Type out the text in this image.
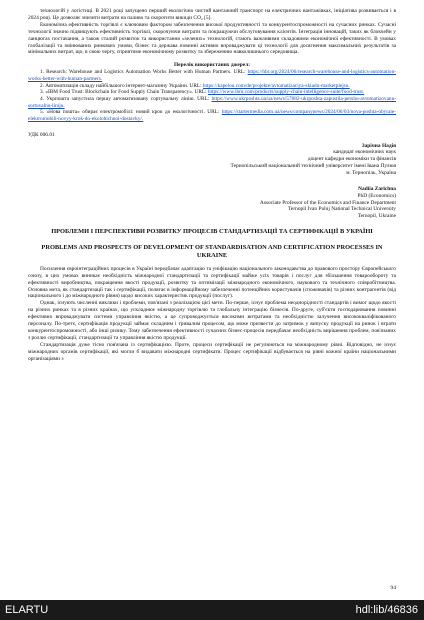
технологій у логістиці. В 2021 році запущено перший екологічно чистий вантажний транспорт на електричних вантажівках, ініціатива розвивається і в 2024 році. Це дозволяє знизити витрати на паливо та скоротити викиди CO₂ [5].

Економічна ефективність торгівлі є ключовим фактором забезпечення високої продуктивності та конкурентоспроможності на сучасних ринках. Сучасні технології значно підвищують ефективність торгівлі, скорочуючи витрати та покращуючи обслуговування клієнтів. Інтеграція інновацій, таких як блокчейн у ланцюгах постачання, а також сталий розвиток та використання «зелених» технологій, стають важливими складовими економічної ефективності. В умовах глобалізації та змінюваних ринкових умови, бізнес та держава повинні активно впроваджувати ці технології для досягнення максимальних результатів за мінімальних витрат, що, в свою чергу, сприятиме економічному розвитку та збереженню навколишнього середовища.

Перелік використаних джерел:

1. Research: Warehouse and Logistics Automation Works Better with Human Partners. URL: https://hbr.org/2024/06/research-warehouse-and-logistics-automation-works-better-with-human-partners.

2. Автоматизація складу найбільшого інтернет-магазину України. URL: https://kapelou.com/de/projekte/avtomatizaciya-skladu-marketplejsu.

3. «IBM Food Trust: Blockchain for Food Supply Chain Transparency». URL: https://www.ibm.com/products/supply-chain-intelligence-suite/food-trust.

4. Укрпошта запустила першу автоматизовану сортувальну лінію. URL: https://www.ukrposhta.ua/ua/news/57882-ukrposhta-zapustila-pershu-avtomatizovanu-sortuvalnu-liniju.

5. «Нова пошта» обирає електромобілі: новий крок до екологічності. URL: https://startermedia.com.ua/news/companynews/2024/06/03/nova-poshta-obyraie-elektromobili-novyy-krok-do-ekolohichnoi-dostavky/.

УДК 006.01

Зарічна Надія

кандидат економічних наук

доцент кафедри економіки та фінансів

Тернопільський національний технічний університет імені Івана Пулюя

м. Тернопіль, Україна

Nadiia Zarichna

PhD (Economics)

Associate Professor of the Economics and Finance Department

Ternopil Ivan Puluj National Technical University

Ternopil, Ukraine

ПРОБЛЕМИ І ПЕРСПЕКТИВИ РОЗВИТКУ ПРОЦЕСІВ СТАНДАРТИЗАЦІЇ ТА СЕРТИФІКАЦІЇ В УКРАЇНІ
PROBLEMS AND PROSPECTS OF DEVELOPMENT OF STANDARDISATION AND CERTIFICATION PROCESSES IN UKRAINE

Посилення євроінтеграційних процесів в Україні передбачає адаптацію та уніфікацію національного законодавства до правового простору Європейського союзу, в цих умовах виникає необхідність міжнародної стандартизації та сертифікації майже усіх товарів і послуг для збільшення товарообороту та ефективності виробництва, покращення якості продукції, розвитку та оптимізації міжнародного економічного, наукового та технічного співробітництва. Основна мета, як стандартизації так і сертифікації, полягає в інформаційному забезпеченні потенційних користувачів (споживачів) та різних контрагентів (від національного і до міжнародного рівня) щодо високих характеристик продукції (послуг).

Однак, існують численні виклики і проблеми, пов'язані з реалізацією цієї мети. По-перше, існує проблема неоднорідності стандартів і вимог щодо якості на різних ринках та в різних країнах, що ускладнює міжнародну торгівлю та глобальну інтеграцію бізнесів. По-друге, суб'єкти господарювання повинні ефективно впроваджувати системи управління якістю, а це супроводжується високими витратами та необхідністю залучення висококваліфікованого персоналу. По-третє, сертифікація продукції займає складним і тривалим процесом, що може призвести до затримок у випуску продукції на ринок і втрати конкурентоспроможності, або інші ризику. Тому забезпечення ефективності сучасних бізнес-процесів передбачає необхідність вирішення проблем, пов'язаних з роллю сертифікації, стандартизації та управління якістю продукції.

Стандартизація дуже тісно пов'язана із сертифікацією. Проте, процеси сертифікації не регулюються на міжнародному рівні. Відповідно, не існує міжнародних органів сертифікації, які могли б видавати міжнародні сертифікати. Процес сертифікації відбувається на рівні кожної країни національними організаціями з

94
ELARTU	hdl:lib/46836
